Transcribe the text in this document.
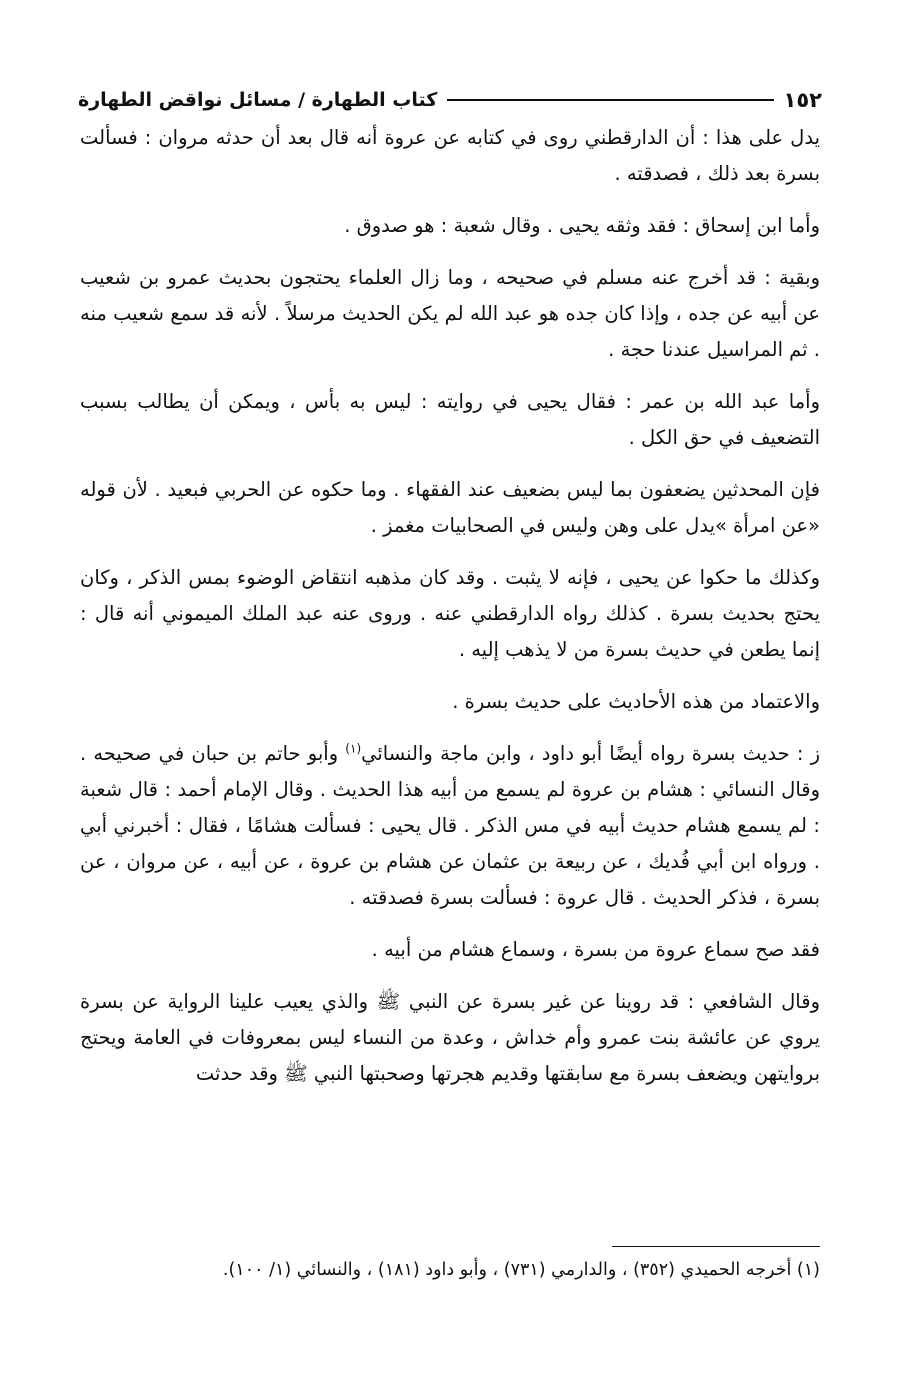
١٥٢
كتاب الطهارة / مسائل نواقض الطهارة

يدل على هذا : أن الدارقطني روى في كتابه عن عروة أنه قال بعد أن حدثه مروان : فسألت بسرة بعد ذلك ، فصدقته .

وأما ابن إسحاق : فقد وثقه يحيى . وقال شعبة : هو صدوق .

وبقية : قد أخرج عنه مسلم في صحيحه ، وما زال العلماء يحتجون بحديث عمرو بن شعيب عن أبيه عن جده ، وإذا كان جده هو عبد الله لم يكن الحديث مرسلاً . لأنه قد سمع شعيب منه . ثم المراسيل عندنا حجة .

وأما عبد الله بن عمر : فقال يحيى في روايته : ليس به بأس ، ويمكن أن يطالب بسبب التضعيف في حق الكل .

فإن المحدثين يضعفون بما ليس بضعيف عند الفقهاء . وما حكوه عن الحربي فبعيد . لأن قوله «عن امرأة »يدل على وهن وليس في الصحابيات مغمز .

وكذلك ما حكوا عن يحيى ، فإنه لا يثبت . وقد كان مذهبه انتقاض الوضوء بمس الذكر ، وكان يحتج بحديث بسرة . كذلك رواه الدارقطني عنه . وروى عنه عبد الملك الميموني أنه قال : إنما يطعن في حديث بسرة من لا يذهب إليه .

والاعتماد من هذه الأحاديث على حديث بسرة .

ز : حديث بسرة رواه أيضًا أبو داود ، وابن ماجة والنسائي$^{(١)}$ وأبو حاتم بن حبان في صحيحه . وقال النسائي : هشام بن عروة لم يسمع من أبيه هذا الحديث . وقال الإمام أحمد : قال شعبة : لم يسمع هشام حديث أبيه في مس الذكر . قال يحيى : فسألت هشامًا ، فقال : أخبرني أبي . ورواه ابن أبي فُديك ، عن ربيعة بن عثمان عن هشام بن عروة ، عن أبيه ، عن مروان ، عن بسرة ، فذكر الحديث . قال عروة : فسألت بسرة فصدقته .

فقد صح سماع عروة من بسرة ، وسماع هشام من أبيه .

وقال الشافعي : قد روينا عن غير بسرة عن النبي ﷺ والذي يعيب علينا الرواية عن بسرة يروي عن عائشة بنت عمرو وأم خداش ، وعدة من النساء ليس بمعروفات في العامة ويحتج بروايتهن ويضعف بسرة مع سابقتها وقديم هجرتها وصحبتها النبي ﷺ وقد حدثت

(١) أخرجه الحميدي (٣٥٢) ، والدارمي (٧٣١) ، وأبو داود (١٨١) ، والنسائي (١/ ١٠٠).
